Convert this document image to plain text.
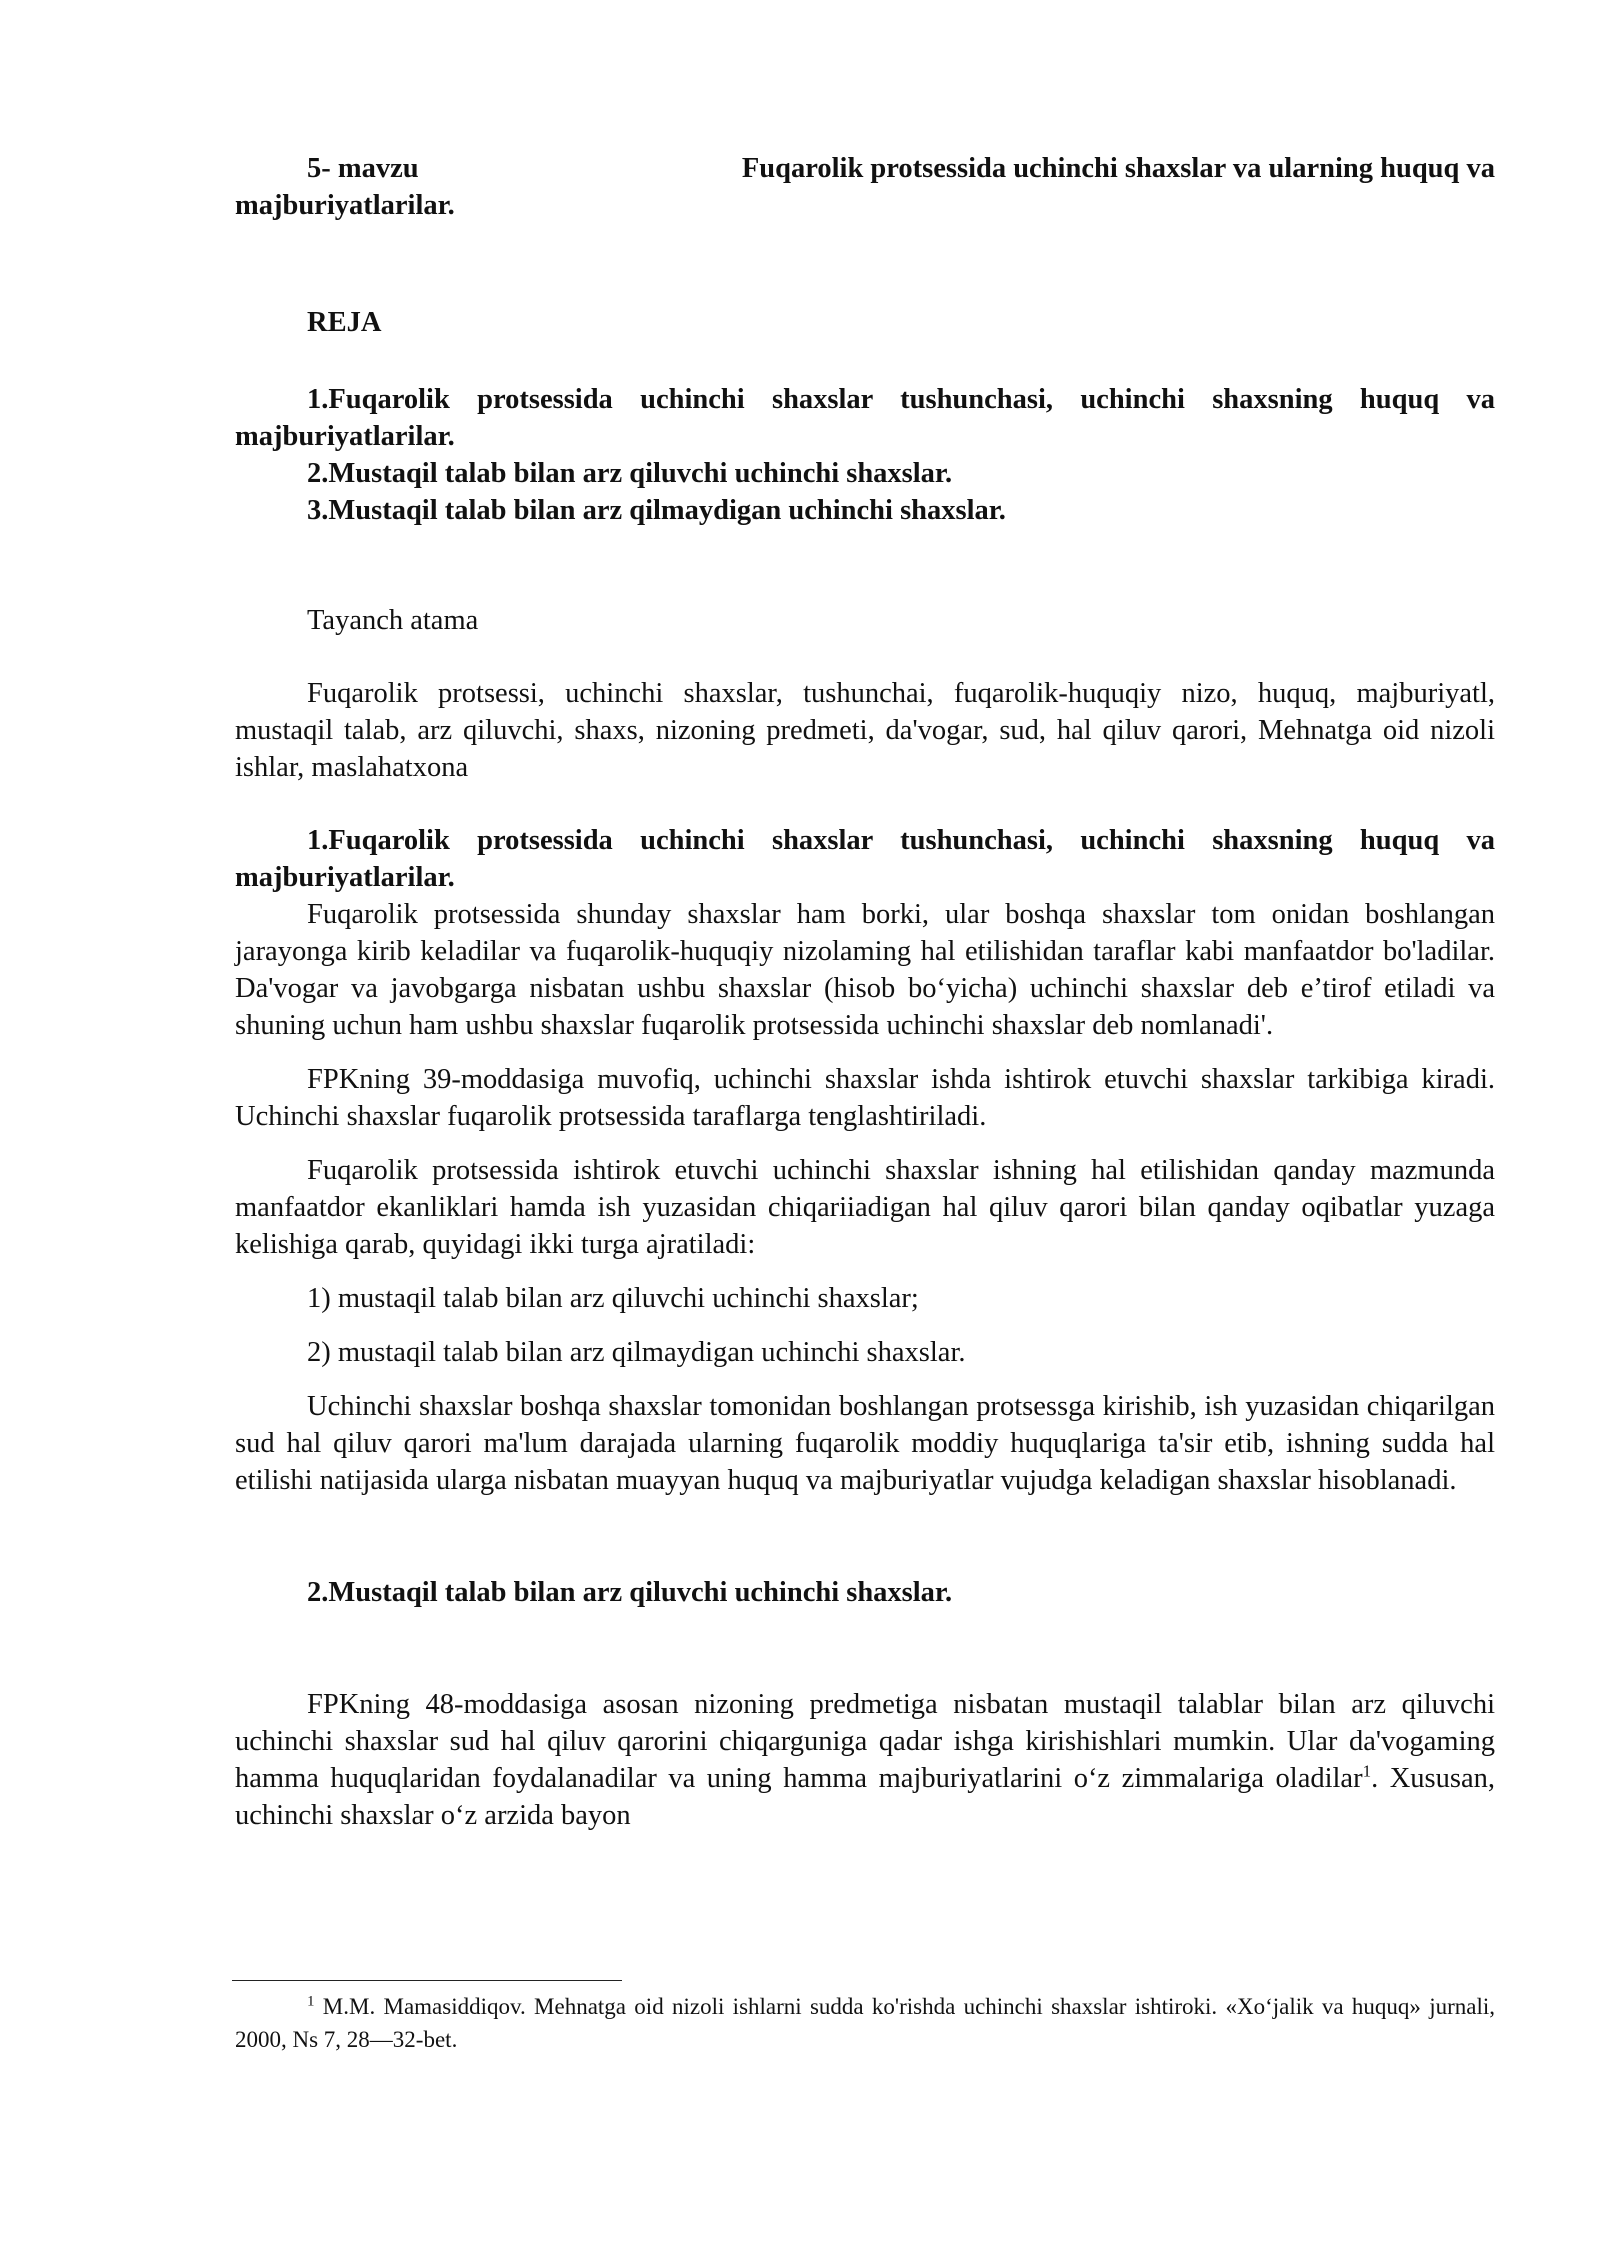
5- mavzu	Fuqarolik protsessida uchinchi shaxslar va ularning huquq va

majburiyatlarilar.

REJA

1.Fuqarolik protsessida uchinchi shaxslar tushunchasi, uchinchi shaxsning huquq va majburiyatlarilar.

2.Mustaqil talab bilan arz qiluvchi uchinchi shaxslar.

3.Mustaqil talab bilan arz qilmaydigan uchinchi shaxslar.

Tayanch atama

Fuqarolik protsessi, uchinchi shaxslar, tushunchai, fuqarolik-huquqiy nizo, huquq, majburiyatl, mustaqil talab, arz qiluvchi, shaxs, nizoning predmeti, da'vogar, sud, hal qiluv qarori, Mehnatga oid nizoli ishlar, maslahatxona

1.Fuqarolik protsessida uchinchi shaxslar tushunchasi, uchinchi shaxsning huquq va majburiyatlarilar.

Fuqarolik protsessida shunday shaxslar ham borki, ular boshqa shaxslar tom onidan boshlangan jarayonga kirib keladilar va fuqarolik-huquqiy nizolaming hal etilishidan taraflar kabi manfaatdor bo'ladilar. Da'vogar va javobgarga nisbatan ushbu shaxslar (hisob bo‘yicha) uchinchi shaxslar deb e’tirof etiladi va shuning uchun ham ushbu shaxslar fuqarolik protsessida uchinchi shaxslar deb nomlanadi'.

FPKning 39-moddasiga muvofiq, uchinchi shaxslar ishda ishtirok etuvchi shaxslar tarkibiga kiradi. Uchinchi shaxslar fuqarolik protsessida taraflarga tenglashtiriladi.

Fuqarolik protsessida ishtirok etuvchi uchinchi shaxslar ishning hal etilishidan qanday mazmunda manfaatdor ekanliklari hamda ish yuzasidan chiqariiadigan hal qiluv qarori bilan qanday oqibatlar yuzaga kelishiga qarab, quyidagi ikki turga ajratiladi:

1) mustaqil talab bilan arz qiluvchi uchinchi shaxslar;

2) mustaqil talab bilan arz qilmaydigan uchinchi shaxslar.

Uchinchi shaxslar boshqa shaxslar tomonidan boshlangan protsessga kirishib, ish yuzasidan chiqarilgan sud hal qiluv qarori ma'lum darajada ularning fuqarolik moddiy huquqlariga ta'sir etib, ishning sudda hal etilishi natijasida ularga nisbatan muayyan huquq va majburiyatlar vujudga keladigan shaxslar hisoblanadi.

2.Mustaqil talab bilan arz qiluvchi uchinchi shaxslar.

FPKning 48-moddasiga asosan nizoning predmetiga nisbatan mustaqil talablar bilan arz qiluvchi uchinchi shaxslar sud hal qiluv qarorini chiqarguniga qadar ishga kirishishlari mumkin. Ular da'vogaming hamma huquqlaridan foydalanadilar va uning hamma majburiyatlarini o‘z zimmalariga oladilar$^1$. Xususan, uchinchi shaxslar o‘z arzida bayon

$^1$ M.M. Mamasiddiqov. Mehnatga oid nizoli ishlarni sudda ko'rishda uchinchi shaxslar ishtiroki. «Xo‘jalik va huquq» jurnali, 2000, Ns 7, 28—32-bet.
